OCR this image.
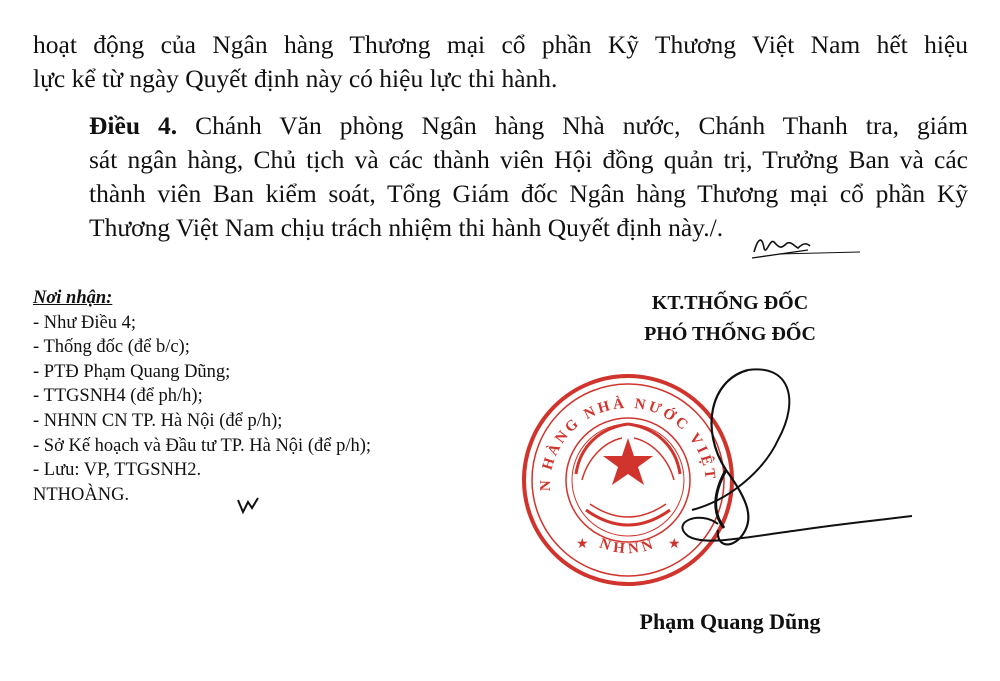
hoạt động của Ngân hàng Thương mại cổ phần Kỹ Thương Việt Nam hết hiệu
lực kể từ ngày Quyết định này có hiệu lực thi hành.
Điều 4. Chánh Văn phòng Ngân hàng Nhà nước, Chánh Thanh tra, giám
sát ngân hàng, Chủ tịch và các thành viên Hội đồng quản trị, Trưởng Ban và các
thành viên Ban kiểm soát, Tổng Giám đốc Ngân hàng Thương mại cổ phần Kỹ
Thương Việt Nam chịu trách nhiệm thi hành Quyết định này./.
Nơi nhận:
- Như Điều 4;
- Thống đốc (để b/c);
- PTĐ Phạm Quang Dũng;
- TTGSNH4 (để ph/h);
- NHNN CN TP. Hà Nội (để p/h);
- Sở Kế hoạch và Đầu tư TP. Hà Nội (để p/h);
- Lưu: VP, TTGSNH2.
NTHOÀNG.
KT.THỐNG ĐỐC
PHÓ THỐNG ĐỐC
NGÂN HÀNG NHÀ NƯỚC VIỆT NAM
NHNN
★	★
Phạm Quang Dũng
